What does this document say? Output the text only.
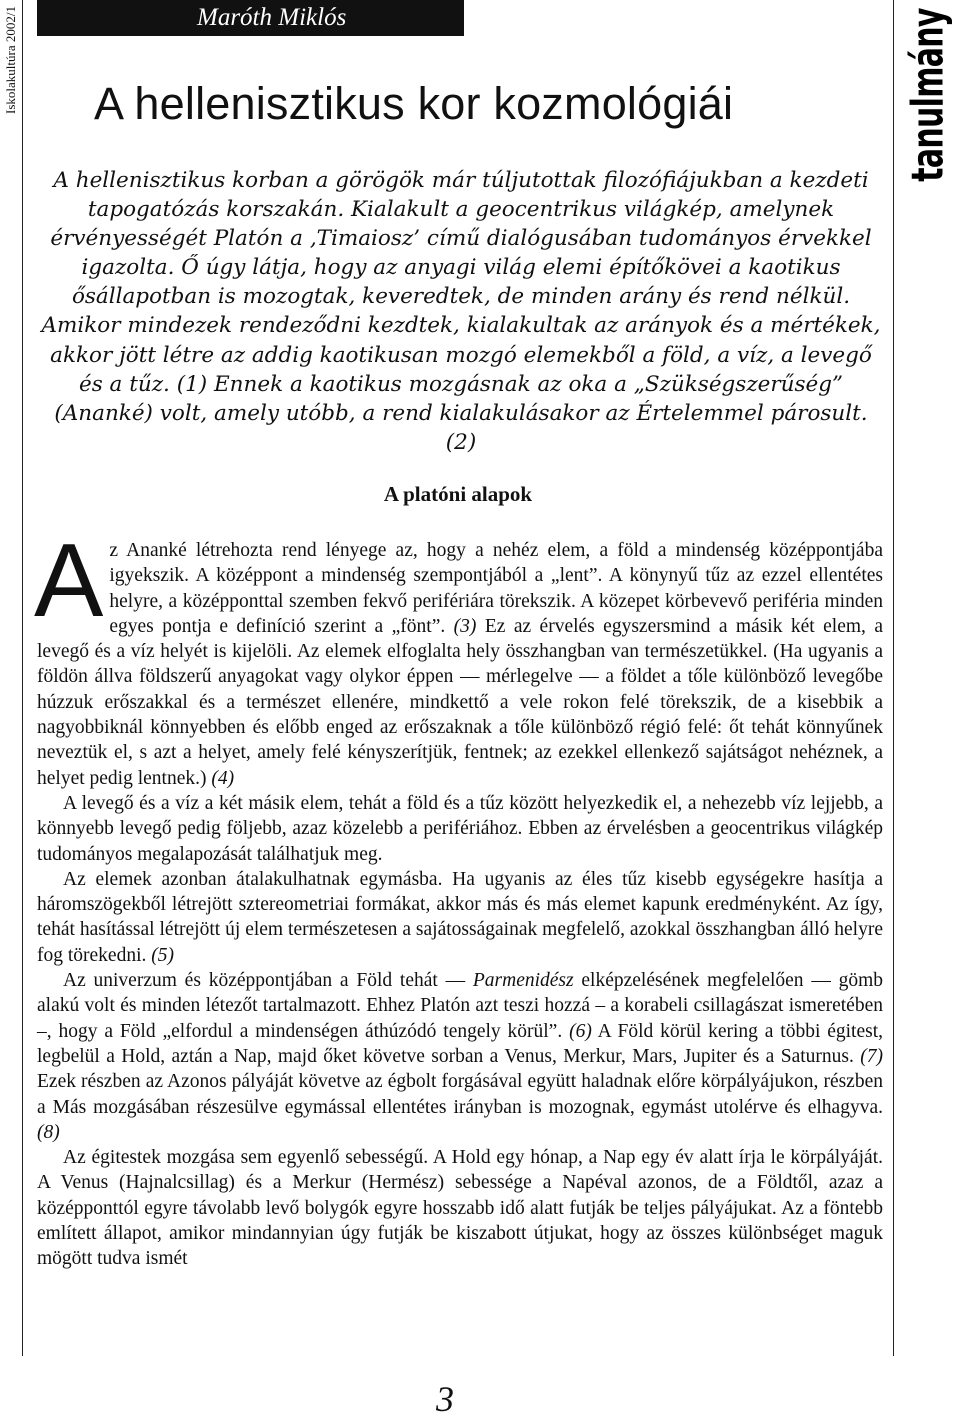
Iskolakultúra 2002/1	tanulmány
Maróth Miklós
A hellenisztikus kor kozmológiái

A hellenisztikus korban a görögök már túljutottak filozófiájukban a kezdeti tapogatózás korszakán. Kialakult a geocentrikus világkép, amelynek érvényességét Platón a ‚Timaiosz’ című dialógusában tudományos érvekkel igazolta. Ő úgy látja, hogy az anyagi világ elemi építőkövei a kaotikus ősállapotban is mozogtak, keveredtek, de minden arány és rend nélkül. Amikor mindezek rendeződni kezdtek, kialakultak az arányok és a mértékek, akkor jött létre az addig kaotikusan mozgó elemekből a föld, a víz, a levegő és a tűz. (1) Ennek a kaotikus mozgásnak az oka a „Szükségszerűség” (Ananké) volt, amely utóbb, a rend kialakulásakor az Értelemmel párosult. (2)

A platóni alapok

Az Ananké létrehozta rend lényege az, hogy a nehéz elem, a föld a mindenség középpontjába igyekszik. A középpont a mindenség szempontjából a „lent”. A könynyű tűz az ezzel ellentétes helyre, a középponttal szemben fekvő perifériára törekszik. A közepet körbevevő periféria minden egyes pontja e definíció szerint a „fönt”. (3) Ez az érvelés egyszersmind a másik két elem, a levegő és a víz helyét is kijelöli. Az elemek elfoglalta hely összhangban van természetükkel. (Ha ugyanis a földön állva földszerű anyagokat vagy olykor éppen — mérlegelve — a földet a tőle különböző levegőbe húzzuk erőszakkal és a természet ellenére, mindkettő a vele rokon felé törekszik, de a kisebbik a nagyobbiknál könnyebben és előbb enged az erőszaknak a tőle különböző régió felé: őt tehát könnyűnek neveztük el, s azt a helyet, amely felé kényszerítjük, fentnek; az ezekkel ellenkező sajátságot nehéznek, a helyet pedig lentnek.) (4)

A levegő és a víz a két másik elem, tehát a föld és a tűz között helyezkedik el, a nehezebb víz lejjebb, a könnyebb levegő pedig följebb, azaz közelebb a perifériához. Ebben az érvelésben a geocentrikus világkép tudományos megalapozását találhatjuk meg.

Az elemek azonban átalakulhatnak egymásba. Ha ugyanis az éles tűz kisebb egységekre hasítja a háromszögekből létrejött sztereometriai formákat, akkor más és más elemet kapunk eredményként. Az így, tehát hasítással létrejött új elem természetesen a sajátosságainak megfelelő, azokkal összhangban álló helyre fog törekedni. (5)

Az univerzum és középpontjában a Föld tehát — Parmenidész elképzelésének megfelelően — gömb alakú volt és minden létezőt tartalmazott. Ehhez Platón azt teszi hozzá – a korabeli csillagászat ismeretében –, hogy a Föld „elfordul a mindenségen áthúzódó tengely körül”. (6) A Föld körül kering a többi égitest, legbelül a Hold, aztán a Nap, majd őket követve sorban a Venus, Merkur, Mars, Jupiter és a Saturnus. (7) Ezek részben az Azonos pályáját követve az égbolt forgásával együtt haladnak előre körpályájukon, részben a Más mozgásában részesülve egymással ellentétes irányban is mozognak, egymást utolérve és elhagyva. (8)

Az égitestek mozgása sem egyenlő sebességű. A Hold egy hónap, a Nap egy év alatt írja le körpályáját. A Venus (Hajnalcsillag) és a Merkur (Hermész) sebessége a Napéval azonos, de a Földtől, azaz a középponttól egyre távolabb levő bolygók egyre hosszabb idő alatt futják be teljes pályájukat. Az a föntebb említett állapot, amikor mindannyian úgy futják be kiszabott útjukat, hogy az összes különbséget maguk mögött tudva ismét

3
